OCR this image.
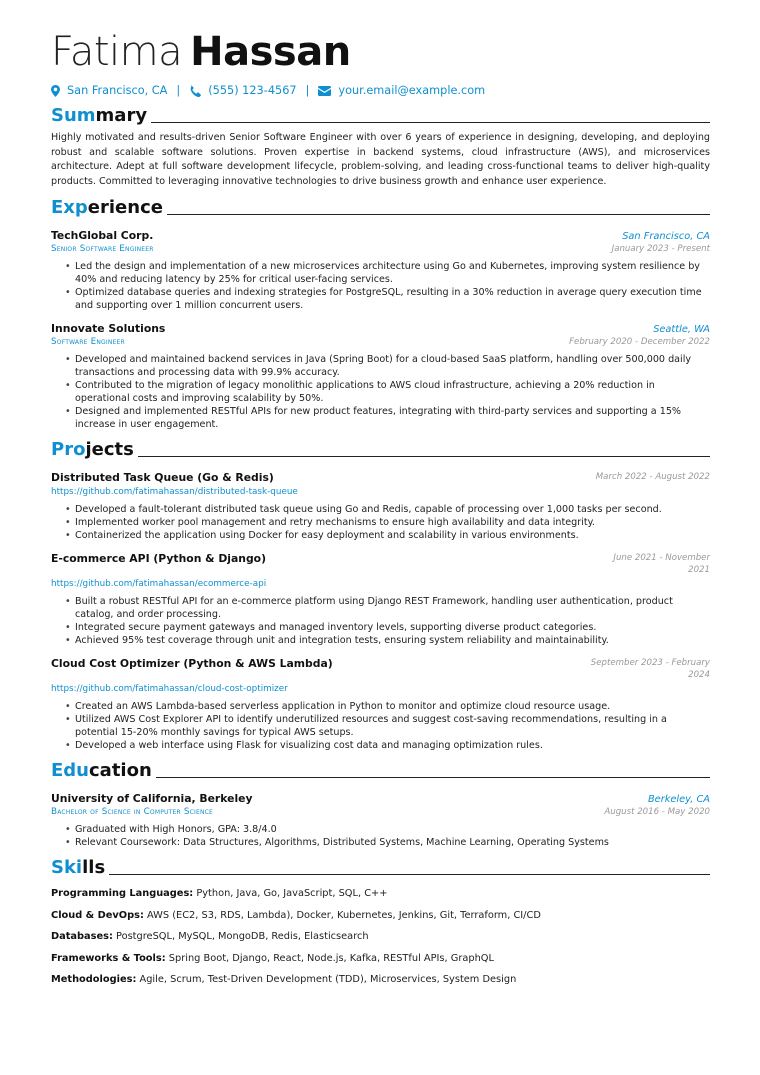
Fatima Hassan
San Francisco, CA | (555) 123-4567 |	your.email@example.com
Summary

Highly motivated and results-driven Senior Software Engineer with over 6 years of experience in designing, developing, and deploying robust and scalable software solutions. Proven expertise in backend systems, cloud infrastructure (AWS), and microservices architecture. Adept at full software development lifecycle, problem-solving, and leading cross-functional teams to deliver high-quality products. Committed to leveraging innovative technologies to drive business growth and enhance user experience.

Experience
TechGlobal Corp.	San Francisco, CA
Senior Software Engineer	January 2023 - Present
• Led the design and implementation of a new microservices architecture using Go and Kubernetes, improving system resilience by 40% and reducing latency by 25% for critical user-facing services.
• Optimized database queries and indexing strategies for PostgreSQL, resulting in a 30% reduction in average query execution time and supporting over 1 million concurrent users.
Innovate Solutions	Seattle, WA
Software Engineer	February 2020 - December 2022
• Developed and maintained backend services in Java (Spring Boot) for a cloud-based SaaS platform, handling over 500,000 daily transactions and processing data with 99.9% accuracy.
• Contributed to the migration of legacy monolithic applications to AWS cloud infrastructure, achieving a 20% reduction in operational costs and improving scalability by 50%.
• Designed and implemented RESTful APIs for new product features, integrating with third-party services and supporting a 15% increase in user engagement.
Projects
Distributed Task Queue (Go & Redis)	March 2022 - August 2022
https://github.com/fatimahassan/distributed-task-queue
• Developed a fault-tolerant distributed task queue using Go and Redis, capable of processing over 1,000 tasks per second.
• Implemented worker pool management and retry mechanisms to ensure high availability and data integrity.
• Containerized the application using Docker for easy deployment and scalability in various environments.
E-commerce API (Python & Django)	June 2021 - November 2021
https://github.com/fatimahassan/ecommerce-api
• Built a robust RESTful API for an e-commerce platform using Django REST Framework, handling user authentication, product catalog, and order processing.
• Integrated secure payment gateways and managed inventory levels, supporting diverse product categories.
• Achieved 95% test coverage through unit and integration tests, ensuring system reliability and maintainability.
Cloud Cost Optimizer (Python & AWS Lambda)	September 2023 - February 2024
https://github.com/fatimahassan/cloud-cost-optimizer
• Created an AWS Lambda-based serverless application in Python to monitor and optimize cloud resource usage.
• Utilized AWS Cost Explorer API to identify underutilized resources and suggest cost-saving recommendations, resulting in a potential 15-20% monthly savings for typical AWS setups.
• Developed a web interface using Flask for visualizing cost data and managing optimization rules.
Education
University of California, Berkeley	Berkeley, CA
Bachelor of Science in Computer Science	August 2016 - May 2020
• Graduated with High Honors, GPA: 3.8/4.0
• Relevant Coursework: Data Structures, Algorithms, Distributed Systems, Machine Learning, Operating Systems
Skills
Programming Languages: Python, Java, Go, JavaScript, SQL, C++
Cloud & DevOps: AWS (EC2, S3, RDS, Lambda), Docker, Kubernetes, Jenkins, Git, Terraform, CI/CD
Databases: PostgreSQL, MySQL, MongoDB, Redis, Elasticsearch
Frameworks & Tools: Spring Boot, Django, React, Node.js, Kafka, RESTful APIs, GraphQL
Methodologies: Agile, Scrum, Test-Driven Development (TDD), Microservices, System Design
